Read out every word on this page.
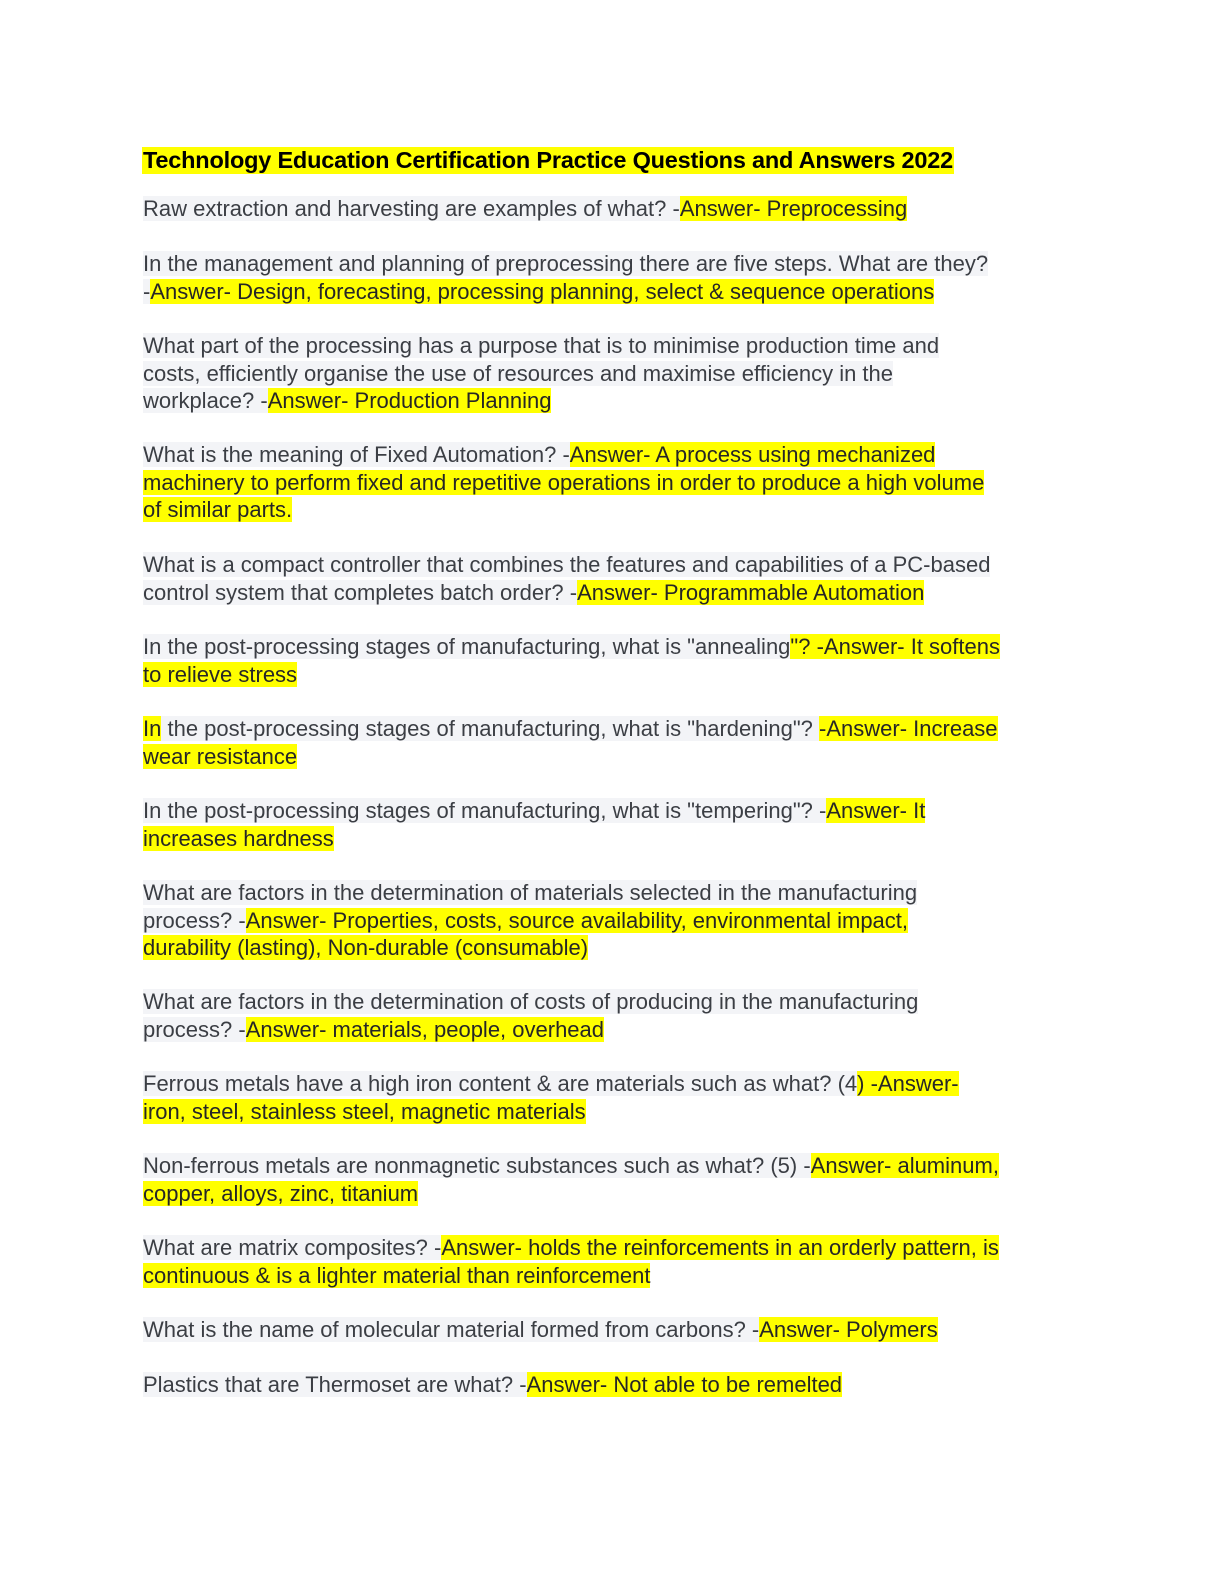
Technology Education Certification Practice Questions and Answers 2022

Raw extraction and harvesting are examples of what? -Answer- Preprocessing

In the management and planning of preprocessing there are five steps. What are they?
-Answer- Design, forecasting, processing planning, select & sequence operations

What part of the processing has a purpose that is to minimise production time and
costs, efficiently organise the use of resources and maximise efficiency in the
workplace? -Answer- Production Planning

What is the meaning of Fixed Automation? -Answer- A process using mechanized
machinery to perform fixed and repetitive operations in order to produce a high volume
of similar parts.

What is a compact controller that combines the features and capabilities of a PC-based
control system that completes batch order? -Answer- Programmable Automation

In the post-processing stages of manufacturing, what is "annealing"? -Answer- It softens
to relieve stress

In the post-processing stages of manufacturing, what is "hardening"? -Answer- Increase
wear resistance

In the post-processing stages of manufacturing, what is "tempering"? -Answer- It
increases hardness

What are factors in the determination of materials selected in the manufacturing
process? -Answer- Properties, costs, source availability, environmental impact,
durability (lasting), Non-durable (consumable)

What are factors in the determination of costs of producing in the manufacturing
process? -Answer- materials, people, overhead

Ferrous metals have a high iron content & are materials such as what? (4) -Answer-
iron, steel, stainless steel, magnetic materials

Non-ferrous metals are nonmagnetic substances such as what? (5) -Answer- aluminum,
copper, alloys, zinc, titanium

What are matrix composites? -Answer- holds the reinforcements in an orderly pattern, is
continuous & is a lighter material than reinforcement

What is the name of molecular material formed from carbons? -Answer- Polymers

Plastics that are Thermoset are what? -Answer- Not able to be remelted
